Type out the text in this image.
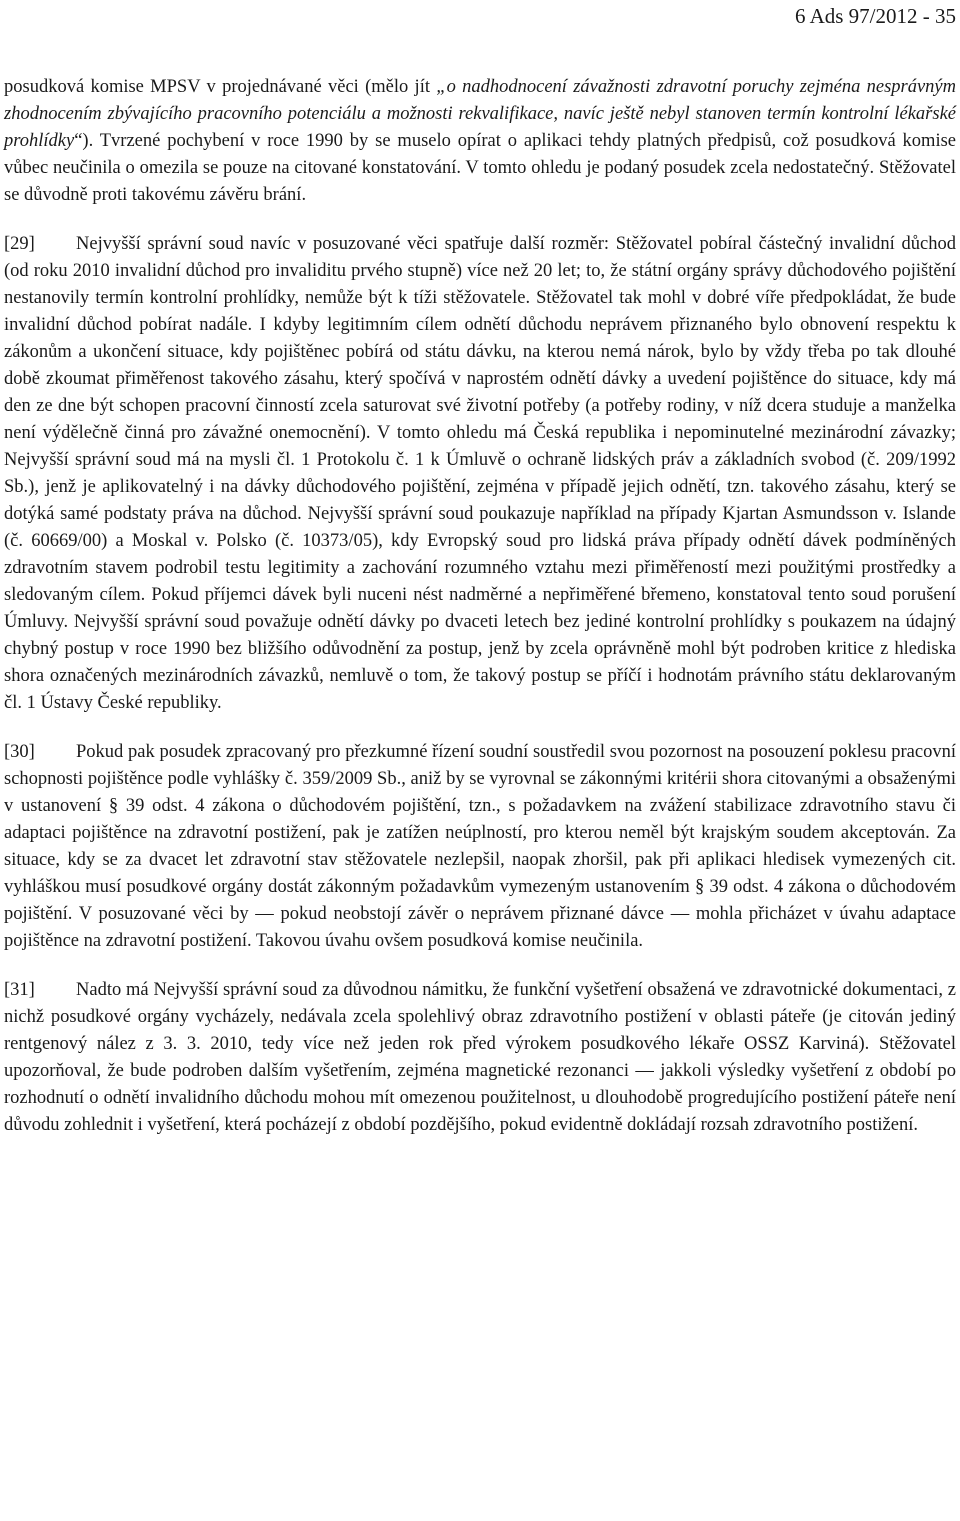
6 Ads 97/2012 - 35

posudková komise MPSV v projednávané věci (mělo jít „o nadhodnocení závažnosti zdravotní poruchy zejména nesprávným zhodnocením zbývajícího pracovního potenciálu a možnosti rekvalifikace, navíc ještě nebyl stanoven termín kontrolní lékařské prohlídky“). Tvrzené pochybení v roce 1990 by se muselo opírat o aplikaci tehdy platných předpisů, což posudková komise vůbec neučinila o omezila se pouze na citované konstatování. V tomto ohledu je podaný posudek zcela nedostatečný. Stěžovatel se důvodně proti takovému závěru brání.

[29] Nejvyšší správní soud navíc v posuzované věci spatřuje další rozměr: Stěžovatel pobíral částečný invalidní důchod (od roku 2010 invalidní důchod pro invaliditu prvého stupně) více než 20 let; to, že státní orgány správy důchodového pojištění nestanovily termín kontrolní prohlídky, nemůže být k tíži stěžovatele. Stěžovatel tak mohl v dobré víře předpokládat, že bude invalidní důchod pobírat nadále. I kdyby legitimním cílem odnětí důchodu neprávem přiznaného bylo obnovení respektu k zákonům a ukončení situace, kdy pojištěnec pobírá od státu dávku, na kterou nemá nárok, bylo by vždy třeba po tak dlouhé době zkoumat přiměřenost takového zásahu, který spočívá v naprostém odnětí dávky a uvedení pojištěnce do situace, kdy má den ze dne být schopen pracovní činností zcela saturovat své životní potřeby (a potřeby rodiny, v níž dcera studuje a manželka není výdělečně činná pro závažné onemocnění). V tomto ohledu má Česká republika i nepominutelné mezinárodní závazky; Nejvyšší správní soud má na mysli čl. 1 Protokolu č. 1 k Úmluvě o ochraně lidských práv a základních svobod (č. 209/1992 Sb.), jenž je aplikovatelný i na dávky důchodového pojištění, zejména v případě jejich odnětí, tzn. takového zásahu, který se dotýká samé podstaty práva na důchod. Nejvyšší správní soud poukazuje například na případy Kjartan Asmundsson v. Islande (č. 60669/00) a Moskal v. Polsko (č. 10373/05), kdy Evropský soud pro lidská práva případy odnětí dávek podmíněných zdravotním stavem podrobil testu legitimity a zachování rozumného vztahu mezi přiměřeností mezi použitými prostředky a sledovaným cílem. Pokud příjemci dávek byli nuceni nést nadměrné a nepřiměřené břemeno, konstatoval tento soud porušení Úmluvy. Nejvyšší správní soud považuje odnětí dávky po dvaceti letech bez jediné kontrolní prohlídky s poukazem na údajný chybný postup v roce 1990 bez bližšího odůvodnění za postup, jenž by zcela oprávněně mohl být podroben kritice z hlediska shora označených mezinárodních závazků, nemluvě o tom, že takový postup se příčí i hodnotám právního státu deklarovaným čl. 1 Ústavy České republiky.

[30] Pokud pak posudek zpracovaný pro přezkumné řízení soudní soustředil svou pozornost na posouzení poklesu pracovní schopnosti pojištěnce podle vyhlášky č. 359/2009 Sb., aniž by se vyrovnal se zákonnými kritérii shora citovanými a obsaženými v ustanovení § 39 odst. 4 zákona o důchodovém pojištění, tzn., s požadavkem na zvážení stabilizace zdravotního stavu či adaptaci pojištěnce na zdravotní postižení, pak je zatížen neúplností, pro kterou neměl být krajským soudem akceptován. Za situace, kdy se za dvacet let zdravotní stav stěžovatele nezlepšil, naopak zhoršil, pak při aplikaci hledisek vymezených cit. vyhláškou musí posudkové orgány dostát zákonným požadavkům vymezeným ustanovením § 39 odst. 4 zákona o důchodovém pojištění. V posuzované věci by — pokud neobstojí závěr o neprávem přiznané dávce — mohla přicházet v úvahu adaptace pojištěnce na zdravotní postižení. Takovou úvahu ovšem posudková komise neučinila.

[31] Nadto má Nejvyšší správní soud za důvodnou námitku, že funkční vyšetření obsažená ve zdravotnické dokumentaci, z nichž posudkové orgány vycházely, nedávala zcela spolehlivý obraz zdravotního postižení v oblasti páteře (je citován jediný rentgenový nález z 3. 3. 2010, tedy více než jeden rok před výrokem posudkového lékaře OSSZ Karviná). Stěžovatel upozorňoval, že bude podroben dalším vyšetřením, zejména magnetické rezonanci — jakkoli výsledky vyšetření z období po rozhodnutí o odnětí invalidního důchodu mohou mít omezenou použitelnost, u dlouhodobě progredujícího postižení páteře není důvodu zohlednit i vyšetření, která pocházejí z období pozdějšího, pokud evidentně dokládají rozsah zdravotního postižení.
